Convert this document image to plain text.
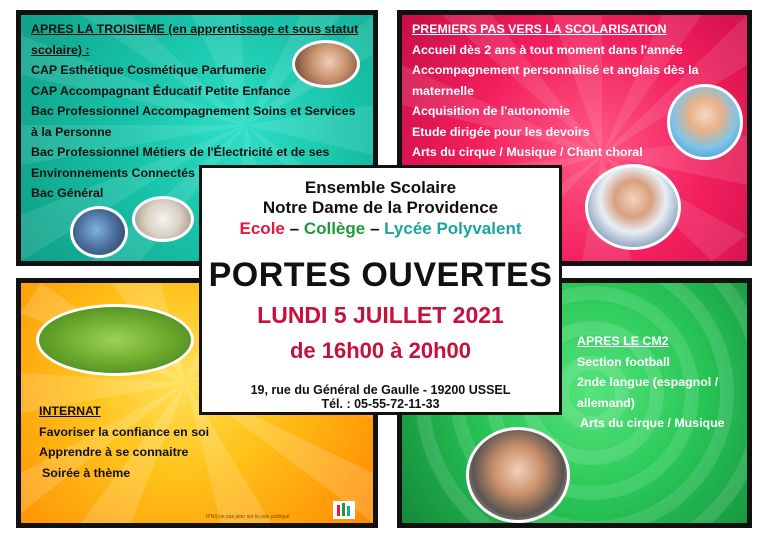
APRES LA TROISIEME (en apprentissage et sous statut scolaire) :
CAP Esthétique Cosmétique Parfumerie
CAP Accompagnant Éducatif Petite Enfance
Bac Professionnel Accompagnement Soins et Services à la Personne
Bac Professionnel Métiers de l'Électricité et de ses Environnements Connectés
Bac Général
PREMIERS PAS VERS LA SCOLARISATION
Accueil dès 2 ans à tout moment dans l'année
Accompagnement personnalisé et anglais dès la maternelle
Acquisition de l'autonomie
Etude dirigée pour les devoirs
Arts du cirque / Musique / Chant choral
INTERNAT
Favoriser la confiance en soi
Apprendre à se connaitre
Soirée à thème
IPNS ne pas jeter sur la voie publique
APRES LE CM2
Section football
2nde langue (espagnol / allemand)
Arts du cirque / Musique
Ensemble Scolaire
Notre Dame de la Providence
Ecole – Collège – Lycée Polyvalent
PORTES OUVERTES
LUNDI 5 JUILLET 2021
de 16h00 à 20h00
19, rue du Général de Gaulle - 19200 USSEL
Tél. : 05-55-72-11-33
